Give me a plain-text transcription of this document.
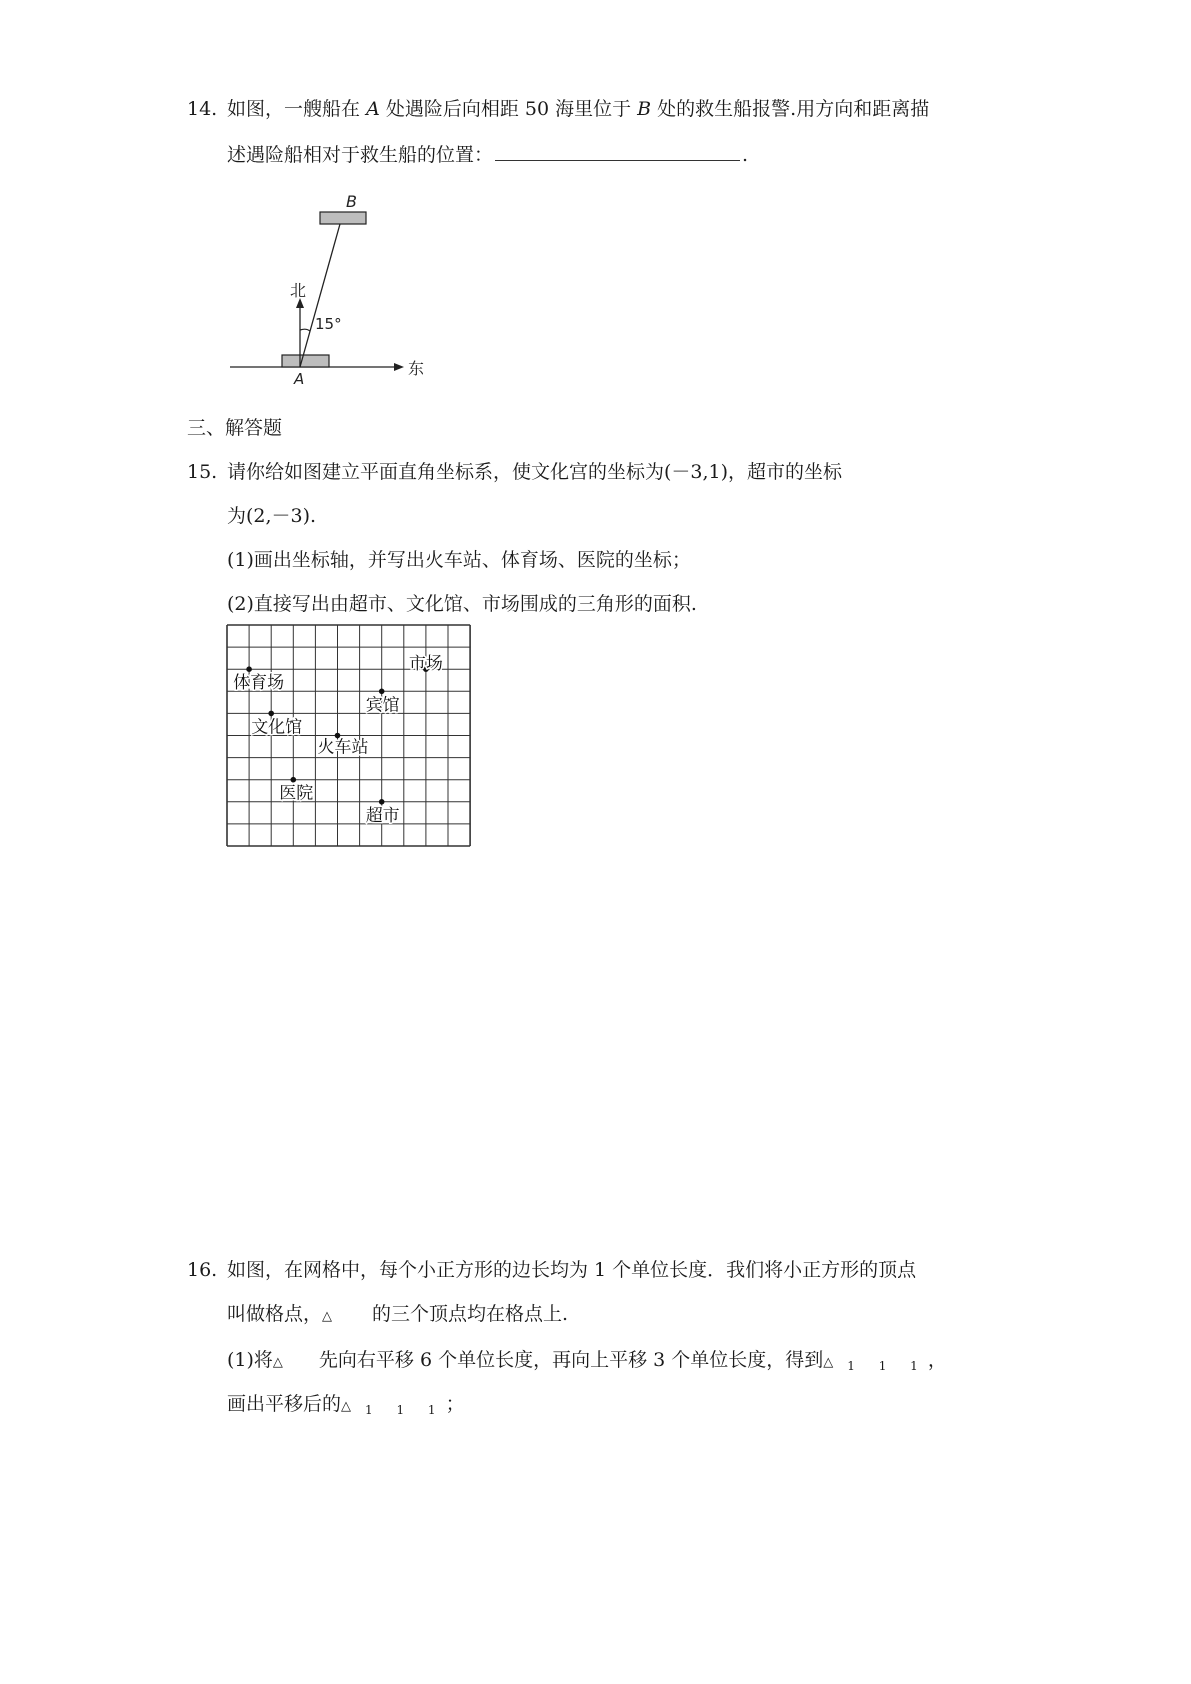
14. 如图，一艘船在 A 处遇险后向相距 50 海里位于 B 处的救生船报警.用方向和距离描
述遇险船相对于救生船的位置：	.
B
东
北
15°
A
三、解答题
15. 请你给如图建立平面直角坐标系，使文化宫的坐标为(－3,1)，超市的坐标
为(2,－3).
(1)画出坐标轴，并写出火车站、体育场、医院的坐标；
(2)直接写出由超市、文化馆、市场围成的三角形的面积.
市场
体育场
宾馆
文化馆
火车站
医院
超市
16. 如图，在网格中，每个小正方形的边长均为 1 个单位长度．我们将小正方形的顶点
叫做格点，△ 的三个顶点均在格点上.
(1)将△ 先向右平移 6 个单位长度，再向上平移 3 个单位长度，得到△ $_{1 1 1}$，
画出平移后的△ $_{1 1 1}$；
